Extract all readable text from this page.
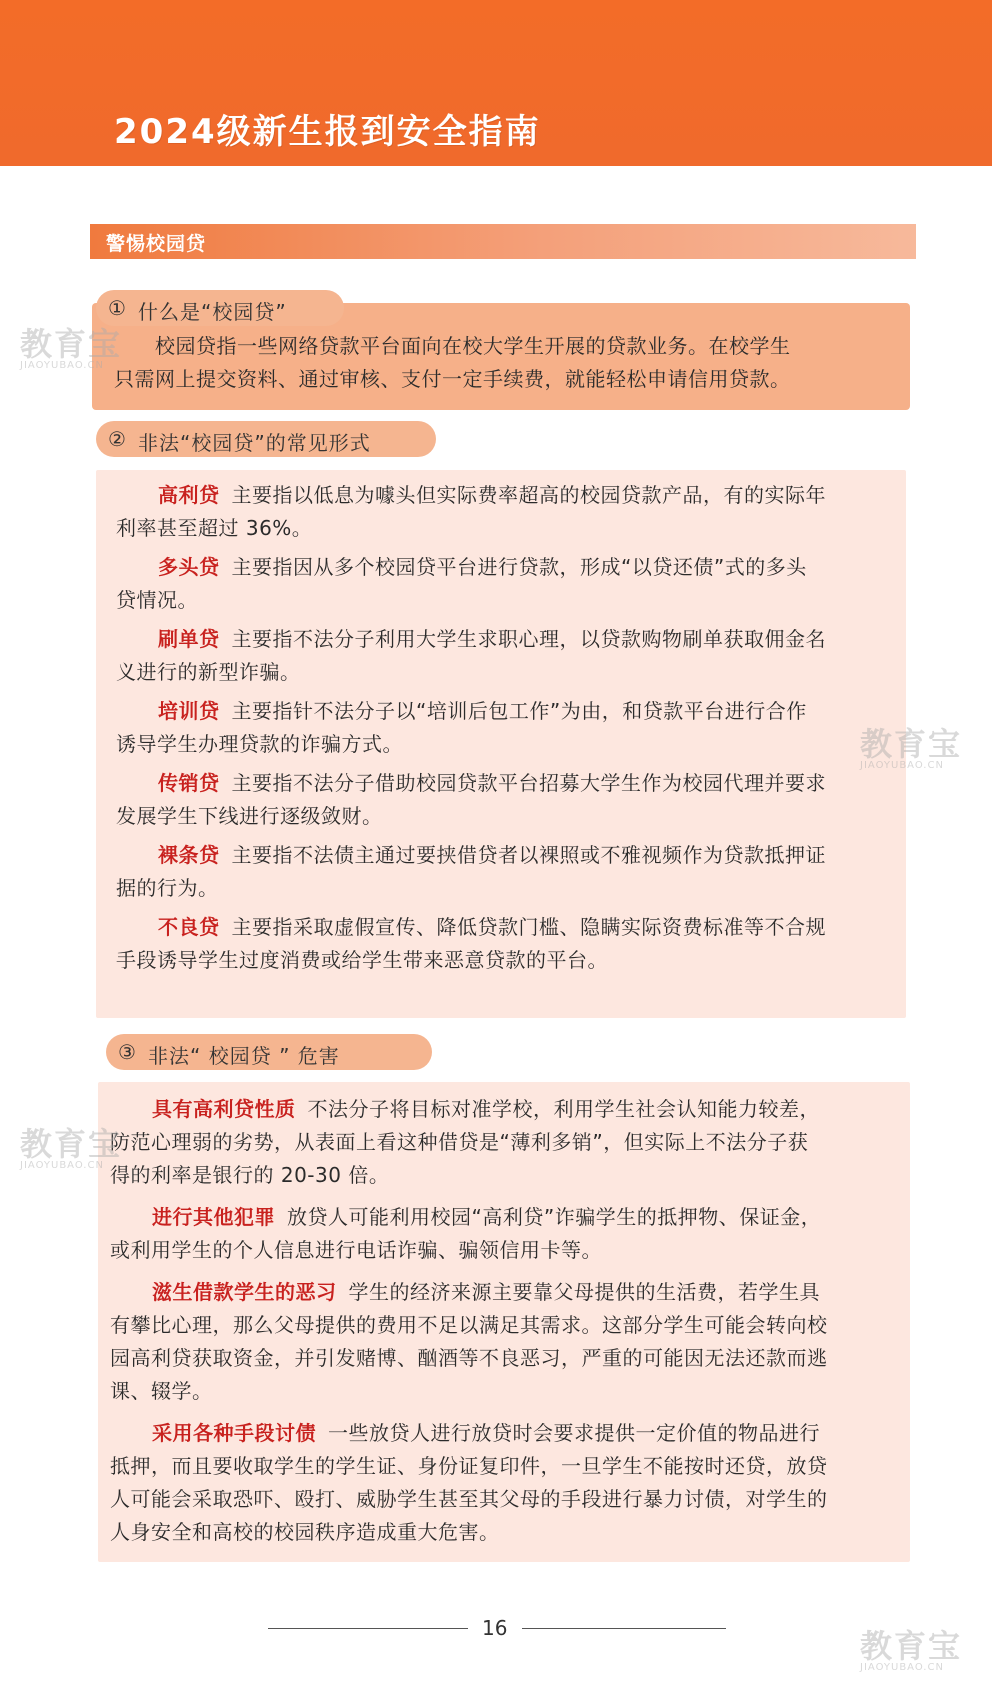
2024级新生报到安全指南
警惕校园贷
① 什么是“校园贷”
校园贷指一些网络贷款平台面向在校大学生开展的贷款业务。在校学生
只需网上提交资料、通过审核、支付一定手续费，就能轻松申请信用贷款。
② 非法“校园贷”的常见形式
高利贷 主要指以低息为噱头但实际费率超高的校园贷款产品，有的实际年
利率甚至超过 36%。
多头贷 主要指因从多个校园贷平台进行贷款，形成“以贷还债”式的多头
贷情况。
刷单贷 主要指不法分子利用大学生求职心理，以贷款购物刷单获取佣金名
义进行的新型诈骗。
培训贷 主要指针不法分子以“培训后包工作”为由，和贷款平台进行合作
诱导学生办理贷款的诈骗方式。
传销贷 主要指不法分子借助校园贷款平台招募大学生作为校园代理并要求
发展学生下线进行逐级敛财。
裸条贷 主要指不法债主通过要挟借贷者以裸照或不雅视频作为贷款抵押证
据的行为。
不良贷 主要指采取虚假宣传、降低贷款门槛、隐瞒实际资费标准等不合规
手段诱导学生过度消费或给学生带来恶意贷款的平台。
③ 非法“ 校园贷 ” 危害
具有高利贷性质 不法分子将目标对准学校，利用学生社会认知能力较差，
防范心理弱的劣势，从表面上看这种借贷是“薄利多销”，但实际上不法分子获
得的利率是银行的 20-30 倍。
进行其他犯罪 放贷人可能利用校园“高利贷”诈骗学生的抵押物、保证金，
或利用学生的个人信息进行电话诈骗、骗领信用卡等。
滋生借款学生的恶习 学生的经济来源主要靠父母提供的生活费，若学生具
有攀比心理，那么父母提供的费用不足以满足其需求。这部分学生可能会转向校
园高利贷获取资金，并引发赌博、酗酒等不良恶习，严重的可能因无法还款而逃
课、辍学。
采用各种手段讨债 一些放贷人进行放贷时会要求提供一定价值的物品进行
抵押，而且要收取学生的学生证、身份证复印件，一旦学生不能按时还贷，放贷
人可能会采取恐吓、殴打、威胁学生甚至其父母的手段进行暴力讨债，对学生的
人身安全和高校的校园秩序造成重大危害。
16
教育宝
JIAOYUBAO.CN
教育宝
JIAOYUBAO.CN
教育宝
JIAOYUBAO.CN
教育宝
JIAOYUBAO.CN
